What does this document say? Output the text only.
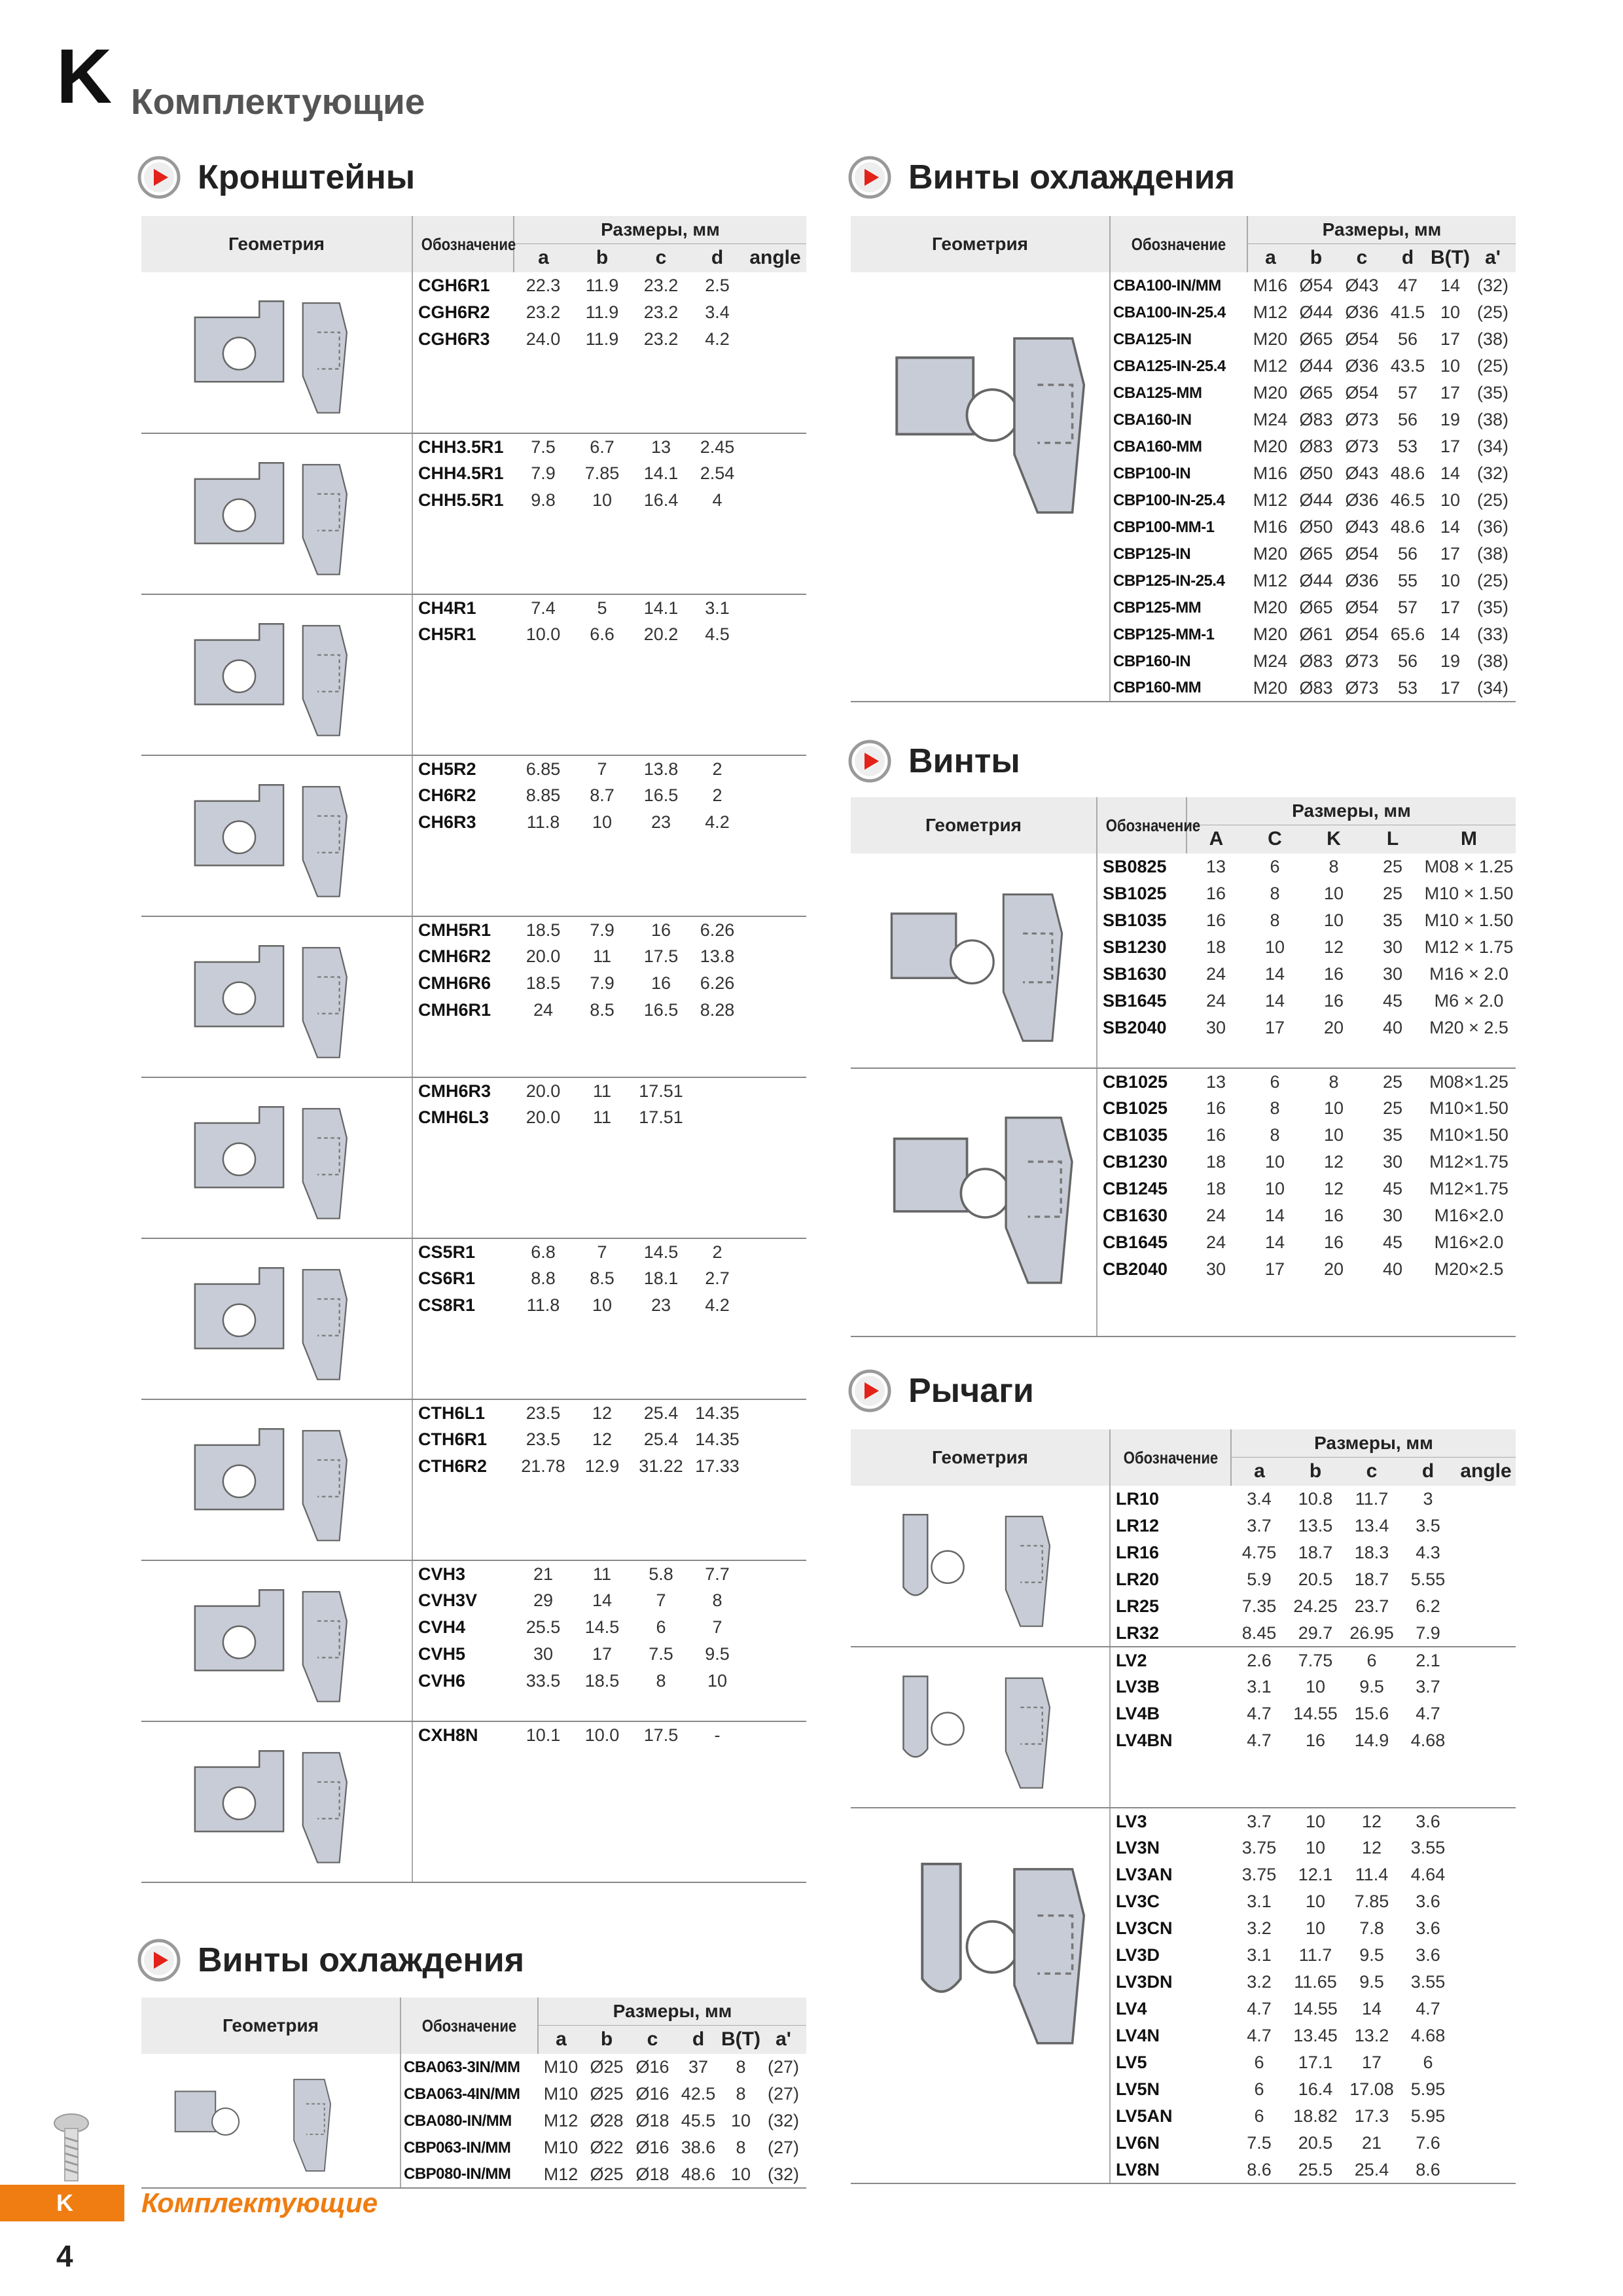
K Комплектующие
Кронштейны	Винты охлаждения
Винты
Рычаги
Винты охлаждения
Геометрия	Обозначение	Размеры, мм				
		a	b	c	d	angle

	CGH6R1	22.3	11.9	23.2	2.5	
	CGH6R2	23.2	11.9	23.2	3.4	
	CGH6R3	24.0	11.9	23.2	4.2	

	CHH3.5R1	7.5	6.7	13	2.45	
	CHH4.5R1	7.9	7.85	14.1	2.54	
	CHH5.5R1	9.8	10	16.4	4	

	CH4R1	7.4	5	14.1	3.1	
	CH5R1	10.0	6.6	20.2	4.5	

	CH5R2	6.85	7	13.8	2	
	CH6R2	8.85	8.7	16.5	2	
	CH6R3	11.8	10	23	4.2	

	CMH5R1	18.5	7.9	16	6.26	
	CMH6R2	20.0	11	17.5	13.8	
	CMH6R6	18.5	7.9	16	6.26	
	CMH6R1	24	8.5	16.5	8.28	

	CMH6R3	20.0	11	17.51		
	CMH6L3	20.0	11	17.51		

	CS5R1	6.8	7	14.5	2	
	CS6R1	8.8	8.5	18.1	2.7	
	CS8R1	11.8	10	23	4.2	

	CTH6L1	23.5	12	25.4	14.35	
	CTH6R1	23.5	12	25.4	14.35	
	CTH6R2	21.78	12.9	31.22	17.33	

	CVH3	21	11	5.8	7.7	
	CVH3V	29	14	7	8	
	CVH4	25.5	14.5	6	7	
	CVH5	30	17	7.5	9.5	
	CVH6	33.5	18.5	8	10	

	CXH8N	10.1	10.0	17.5	-	

Геометрия	Обозначение	Размеры, мм					
		a	b	c	d	B(T)	a'

	CBA063-3IN/MM	M10	Ø25	Ø16	37	8	(27)
	CBA063-4IN/MM	M10	Ø25	Ø16	42.5	8	(27)
	CBA080-IN/MM	M12	Ø28	Ø18	45.5	10	(32)
	CBP063-IN/MM	M10	Ø22	Ø16	38.6	8	(27)
	CBP080-IN/MM	M12	Ø25	Ø18	48.6	10	(32)
Геометрия	Обозначение	Размеры, мм					
		a	b	c	d	B(T)	a'

	CBA100-IN/MM	M16	Ø54	Ø43	47	14	(32)
	CBA100-IN-25.4	M12	Ø44	Ø36	41.5	10	(25)
	CBA125-IN	M20	Ø65	Ø54	56	17	(38)
	CBA125-IN-25.4	M12	Ø44	Ø36	43.5	10	(25)
	CBA125-MM	M20	Ø65	Ø54	57	17	(35)
	CBA160-IN	M24	Ø83	Ø73	56	19	(38)
	CBA160-MM	M20	Ø83	Ø73	53	17	(34)
	CBP100-IN	M16	Ø50	Ø43	48.6	14	(32)
	CBP100-IN-25.4	M12	Ø44	Ø36	46.5	10	(25)
	CBP100-MM-1	M16	Ø50	Ø43	48.6	14	(36)
	CBP125-IN	M20	Ø65	Ø54	56	17	(38)
	CBP125-IN-25.4	M12	Ø44	Ø36	55	10	(25)
	CBP125-MM	M20	Ø65	Ø54	57	17	(35)
	CBP125-MM-1	M20	Ø61	Ø54	65.6	14	(33)
	CBP160-IN	M24	Ø83	Ø73	56	19	(38)
	CBP160-MM	M20	Ø83	Ø73	53	17	(34)
Геометрия	Обозначение	Размеры, мм				
		A	C	K	L	M

	SB0825	13	6	8	25	M08 × 1.25
	SB1025	16	8	10	25	M10 × 1.50
	SB1035	16	8	10	35	M10 × 1.50
	SB1230	18	10	12	30	M12 × 1.75
	SB1630	24	14	16	30	M16 × 2.0
	SB1645	24	14	16	45	M6 × 2.0
	SB2040	30	17	20	40	M20 × 2.5

	CB1025	13	6	8	25	M08×1.25
	CB1025	16	8	10	25	M10×1.50
	CB1035	16	8	10	35	M10×1.50
	CB1230	18	10	12	30	M12×1.75
	CB1245	18	10	12	45	M12×1.75
	CB1630	24	14	16	30	M16×2.0
	CB1645	24	14	16	45	M16×2.0
	CB2040	30	17	20	40	M20×2.5

Геометрия	Обозначение	Размеры, мм				
		a	b	c	d	angle

	LR10	3.4	10.8	11.7	3	
	LR12	3.7	13.5	13.4	3.5	
	LR16	4.75	18.7	18.3	4.3	
	LR20	5.9	20.5	18.7	5.55	
	LR25	7.35	24.25	23.7	6.2	
	LR32	8.45	29.7	26.95	7.9	

	LV2	2.6	7.75	6	2.1	
	LV3B	3.1	10	9.5	3.7	
	LV4B	4.7	14.55	15.6	4.7	
	LV4BN	4.7	16	14.9	4.68	

	LV3	3.7	10	12	3.6	
	LV3N	3.75	10	12	3.55	
	LV3AN	3.75	12.1	11.4	4.64	
	LV3C	3.1	10	7.85	3.6	
	LV3CN	3.2	10	7.8	3.6	
	LV3D	3.1	11.7	9.5	3.6	
	LV3DN	3.2	11.65	9.5	3.55	
	LV4	4.7	14.55	14	4.7	
	LV4N	4.7	13.45	13.2	4.68	
	LV5	6	17.1	17	6	
	LV5N	6	16.4	17.08	5.95	
	LV5AN	6	18.82	17.3	5.95	
	LV6N	7.5	20.5	21	7.6	
	LV8N	8.6	25.5	25.4	8.6	
K	Комплектующие
4
